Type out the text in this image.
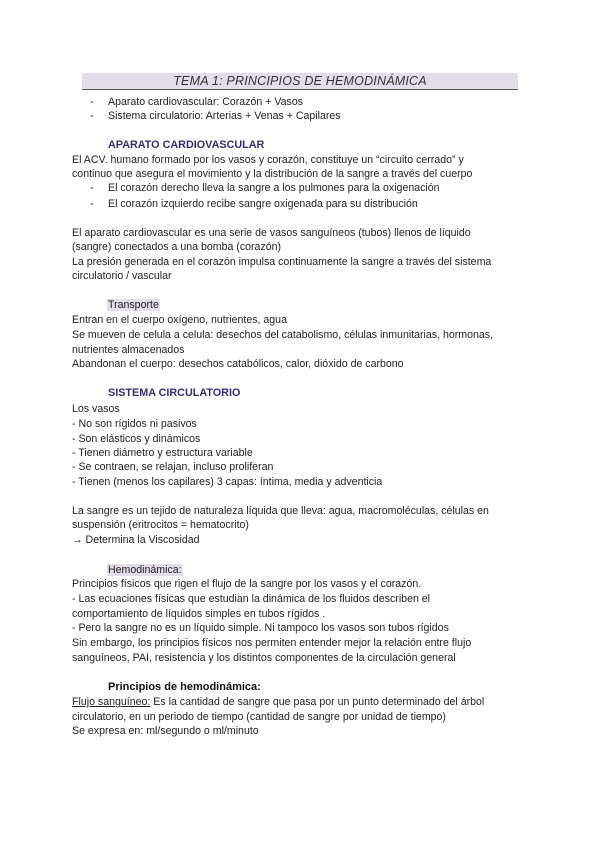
TEMA 1: PRINCIPIOS DE HEMODINÁMICA
- Aparato cardiovascular: Corazón + Vasos
- Sistema circulatorio: Arterias + Venas + Capilares
APARATO CARDIOVASCULAR
El ACV. humano formado por los vasos y corazón, constituye un “circuito cerrado” y
continuo que asegura el movimiento y la distribución de la sangre a través del cuerpo
- El corazón derecho lleva la sangre a los pulmones para la oxigenación
- El corazón izquierdo recibe sangre oxigenada para su distribución
El aparato cardiovascular es una serie de vasos sanguíneos (tubos) llenos de líquido
(sangre) conectados a una bomba (corazón)
La presión generada en el corazón impulsa continuamente la sangre a través del sistema
circulatorio / vascular
Transporte
Entran en el cuerpo oxígeno, nutrientes, agua
Se mueven de celula a celula: desechos del catabolismo, células inmunitarias, hormonas,
nutrientes almacenados
Abandonan el cuerpo: desechos catabólicos, calor, dióxido de carbono
SISTEMA CIRCULATORIO
Los vasos
- No son rígidos ni pasivos
- Son elásticos y dinámicos
- Tienen diámetro y estructura variable
- Se contraen, se relajan, incluso proliferan
- Tienen (menos los capilares) 3 capas: íntima, media y adventicia
La sangre es un tejido de naturaleza líquida que lleva: agua, macromoléculas, células en
suspensión (eritrocitos = hematocrito)
→ Determina la Viscosidad
Hemodinámica:
Principios físicos que rigen el flujo de la sangre por los vasos y el corazón.
- Las ecuaciones físicas que estudian la dinámica de los fluidos describen el
comportamiento de líquidos simples en tubos rígidos .
- Pero la sangre no es un líquido simple. Ni tampoco los vasos son tubos rígidos
Sin embargo, los principios físicos nos permiten entender mejor la relación entre flujo
sanguíneos, PAI, resistencia y los distintos componentes de la circulación general
Principios de hemodinámica:
Flujo sanguíneo: Es la cantidad de sangre que pasa por un punto determinado del árbol
circulatorio, en un periodo de tiempo (cantidad de sangre por unidad de tiempo)
Se expresa en: ml/segundo o ml/minuto
